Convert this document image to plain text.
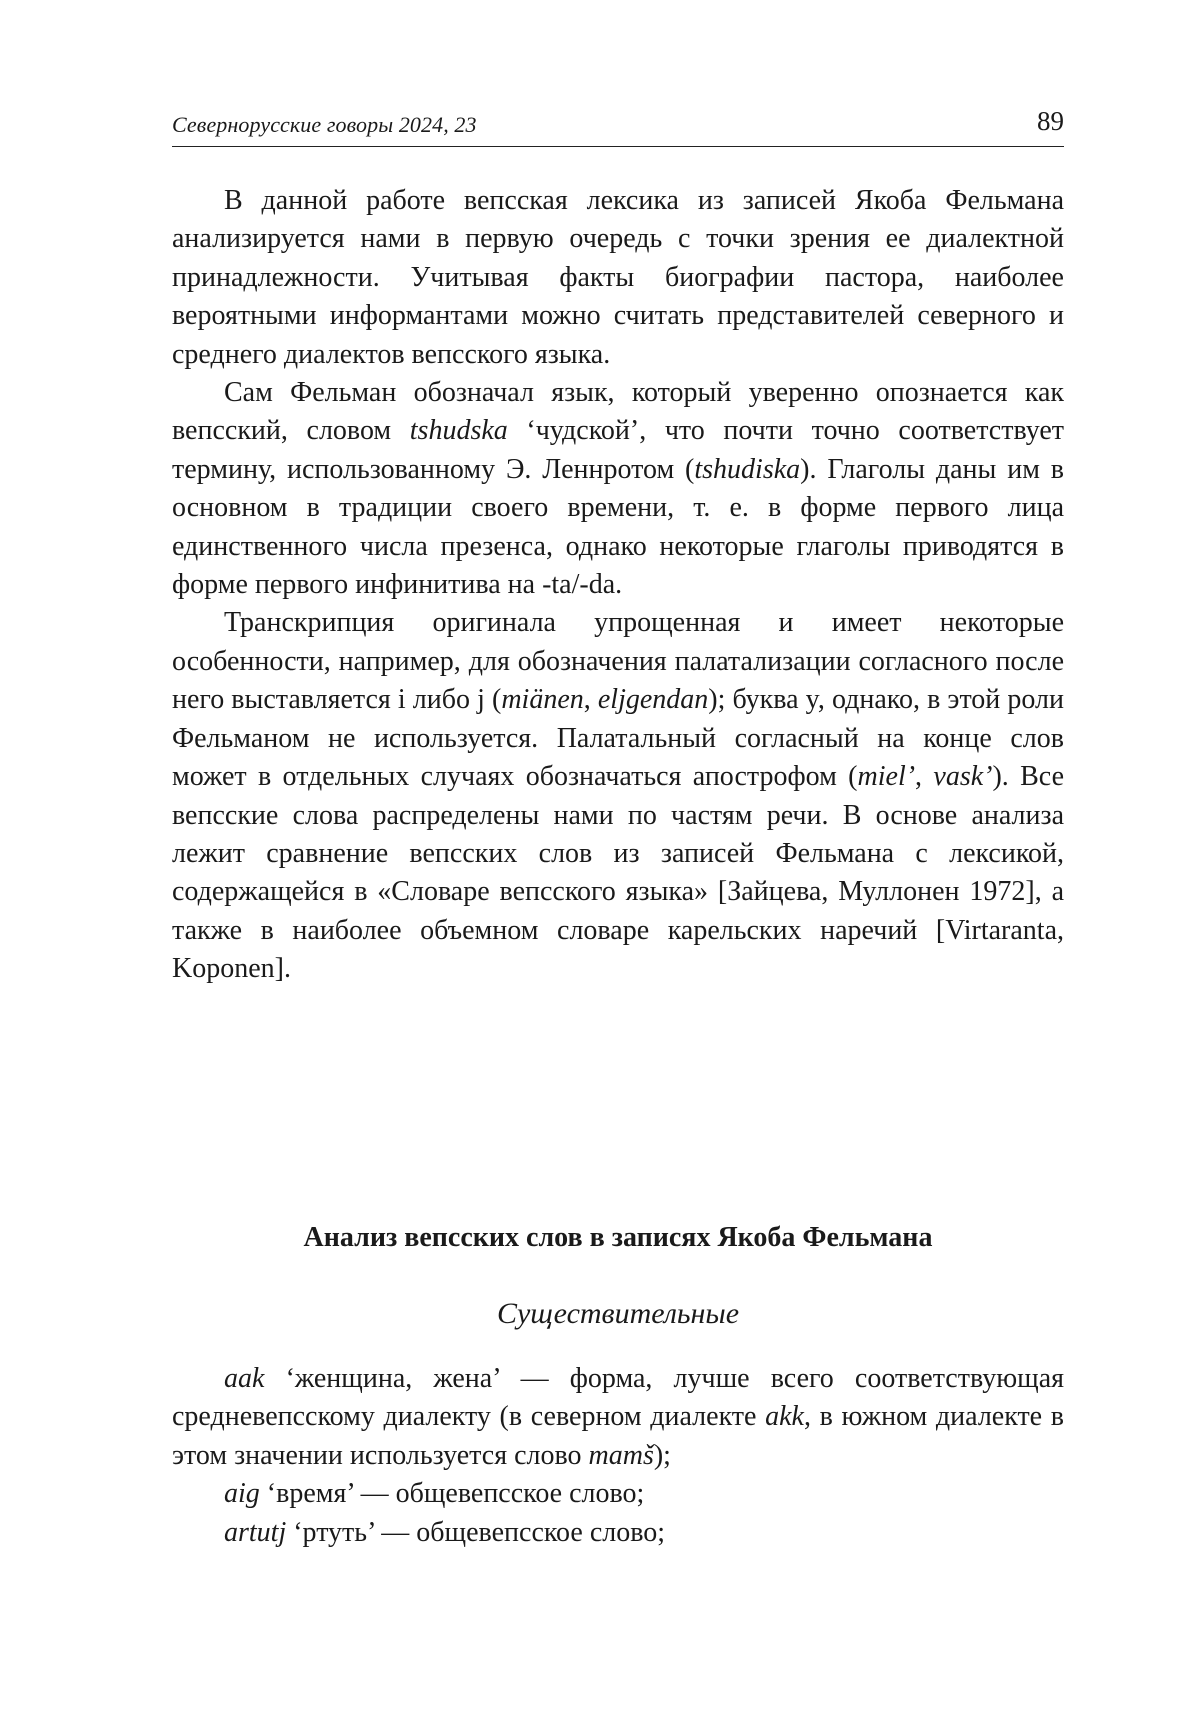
Севернорусские говоры 2024, 23	89

В данной работе вепсская лексика из записей Якоба Фельмана анализируется нами в первую очередь с точки зрения ее диалектной принадлежности. Учитывая факты биографии пастора, наиболее вероятными информантами можно считать представителей северного и среднего диалектов вепсского языка.

Сам Фельман обозначал язык, который уверенно опознается как вепсский, словом tshudska ‘чудской’, что почти точно соответствует термину, использованному Э. Леннротом (tshudiska). Глаголы даны им в основном в традиции своего времени, т. е. в форме первого лица единственного числа презенса, однако некоторые глаголы приводятся в форме первого инфинитива на -ta/-da.

Транскрипция оригинала упрощенная и имеет некоторые особенности, например, для обозначения палатализации согласного после него выставляется i либо j (miänen, eljgendan); буква y, однако, в этой роли Фельманом не используется. Палатальный согласный на конце слов может в отдельных случаях обозначаться апострофом (miel’, vask’). Все вепсские слова распределены нами по частям речи. В основе анализа лежит сравнение вепсских слов из записей Фельмана с лексикой, содержащейся в «Словаре вепсского языка» [Зайцева, Муллонен 1972], а также в наиболее объемном словаре карельских наречий [Virtaranta, Koponen].

Анализ вепсских слов в записях Якоба Фельмана
Существительные

aak ‘женщина, жена’ — форма, лучше всего соответствующая средневепсскому диалекту (в северном диалекте akk, в южном диалекте в этом значении используется слово mamš);

aig ‘время’ — общевепсское слово;

artutj ‘ртуть’ — общевепсское слово;
